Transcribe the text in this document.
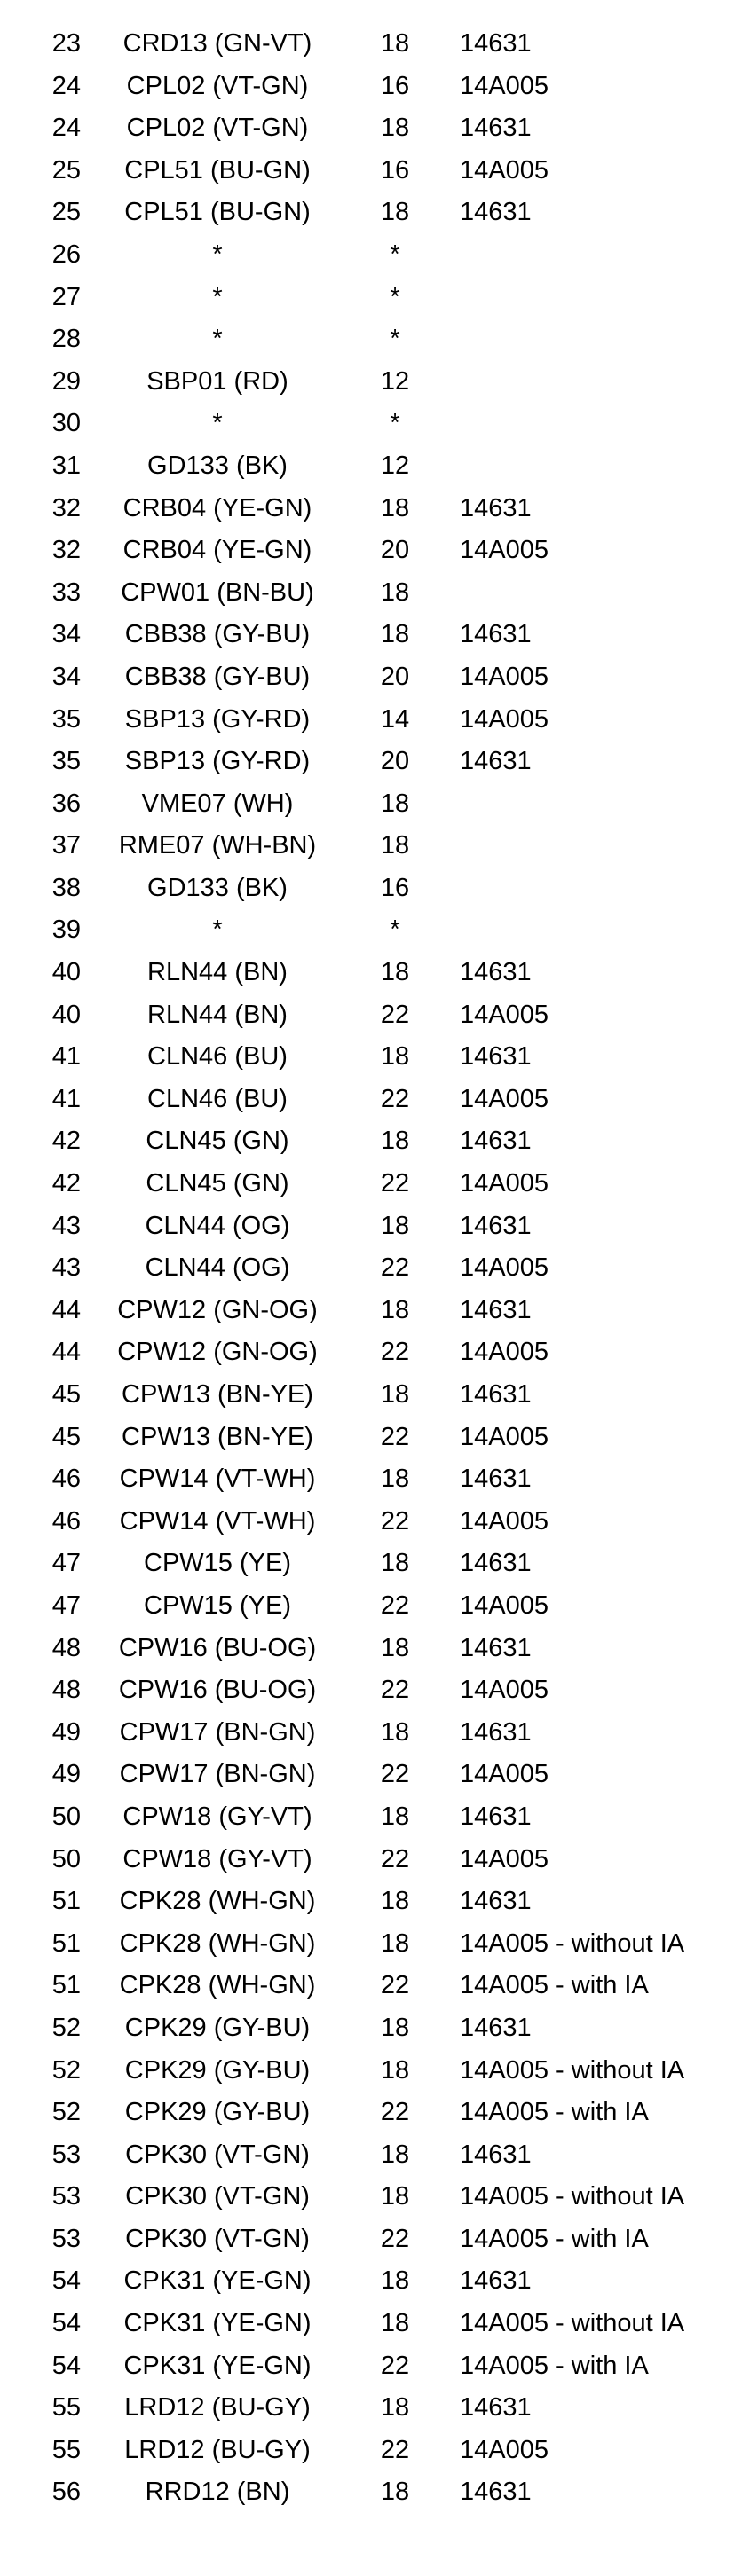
23	CRD13 (GN-VT)	18	14631
24	CPL02 (VT-GN)	16	14A005
24	CPL02 (VT-GN)	18	14631
25	CPL51 (BU-GN)	16	14A005
25	CPL51 (BU-GN)	18	14631
26	*	*
27	*	*
28	*	*
29	SBP01 (RD)	12
30	*	*
31	GD133 (BK)	12
32	CRB04 (YE-GN)	18	14631
32	CRB04 (YE-GN)	20	14A005
33	CPW01 (BN-BU)	18
34	CBB38 (GY-BU)	18	14631
34	CBB38 (GY-BU)	20	14A005
35	SBP13 (GY-RD)	14	14A005
35	SBP13 (GY-RD)	20	14631
36	VME07 (WH)	18
37	RME07 (WH-BN)	18
38	GD133 (BK)	16
39	*	*
40	RLN44 (BN)	18	14631
40	RLN44 (BN)	22	14A005
41	CLN46 (BU)	18	14631
41	CLN46 (BU)	22	14A005
42	CLN45 (GN)	18	14631
42	CLN45 (GN)	22	14A005
43	CLN44 (OG)	18	14631
43	CLN44 (OG)	22	14A005
44	CPW12 (GN-OG)	18	14631
44	CPW12 (GN-OG)	22	14A005
45	CPW13 (BN-YE)	18	14631
45	CPW13 (BN-YE)	22	14A005
46	CPW14 (VT-WH)	18	14631
46	CPW14 (VT-WH)	22	14A005
47	CPW15 (YE)	18	14631
47	CPW15 (YE)	22	14A005
48	CPW16 (BU-OG)	18	14631
48	CPW16 (BU-OG)	22	14A005
49	CPW17 (BN-GN)	18	14631
49	CPW17 (BN-GN)	22	14A005
50	CPW18 (GY-VT)	18	14631
50	CPW18 (GY-VT)	22	14A005
51	CPK28 (WH-GN)	18	14631
51	CPK28 (WH-GN)	18	14A005 - without IA
51	CPK28 (WH-GN)	22	14A005 - with IA
52	CPK29 (GY-BU)	18	14631
52	CPK29 (GY-BU)	18	14A005 - without IA
52	CPK29 (GY-BU)	22	14A005 - with IA
53	CPK30 (VT-GN)	18	14631
53	CPK30 (VT-GN)	18	14A005 - without IA
53	CPK30 (VT-GN)	22	14A005 - with IA
54	CPK31 (YE-GN)	18	14631
54	CPK31 (YE-GN)	18	14A005 - without IA
54	CPK31 (YE-GN)	22	14A005 - with IA
55	LRD12 (BU-GY)	18	14631
55	LRD12 (BU-GY)	22	14A005
56	RRD12 (BN)	18	14631
